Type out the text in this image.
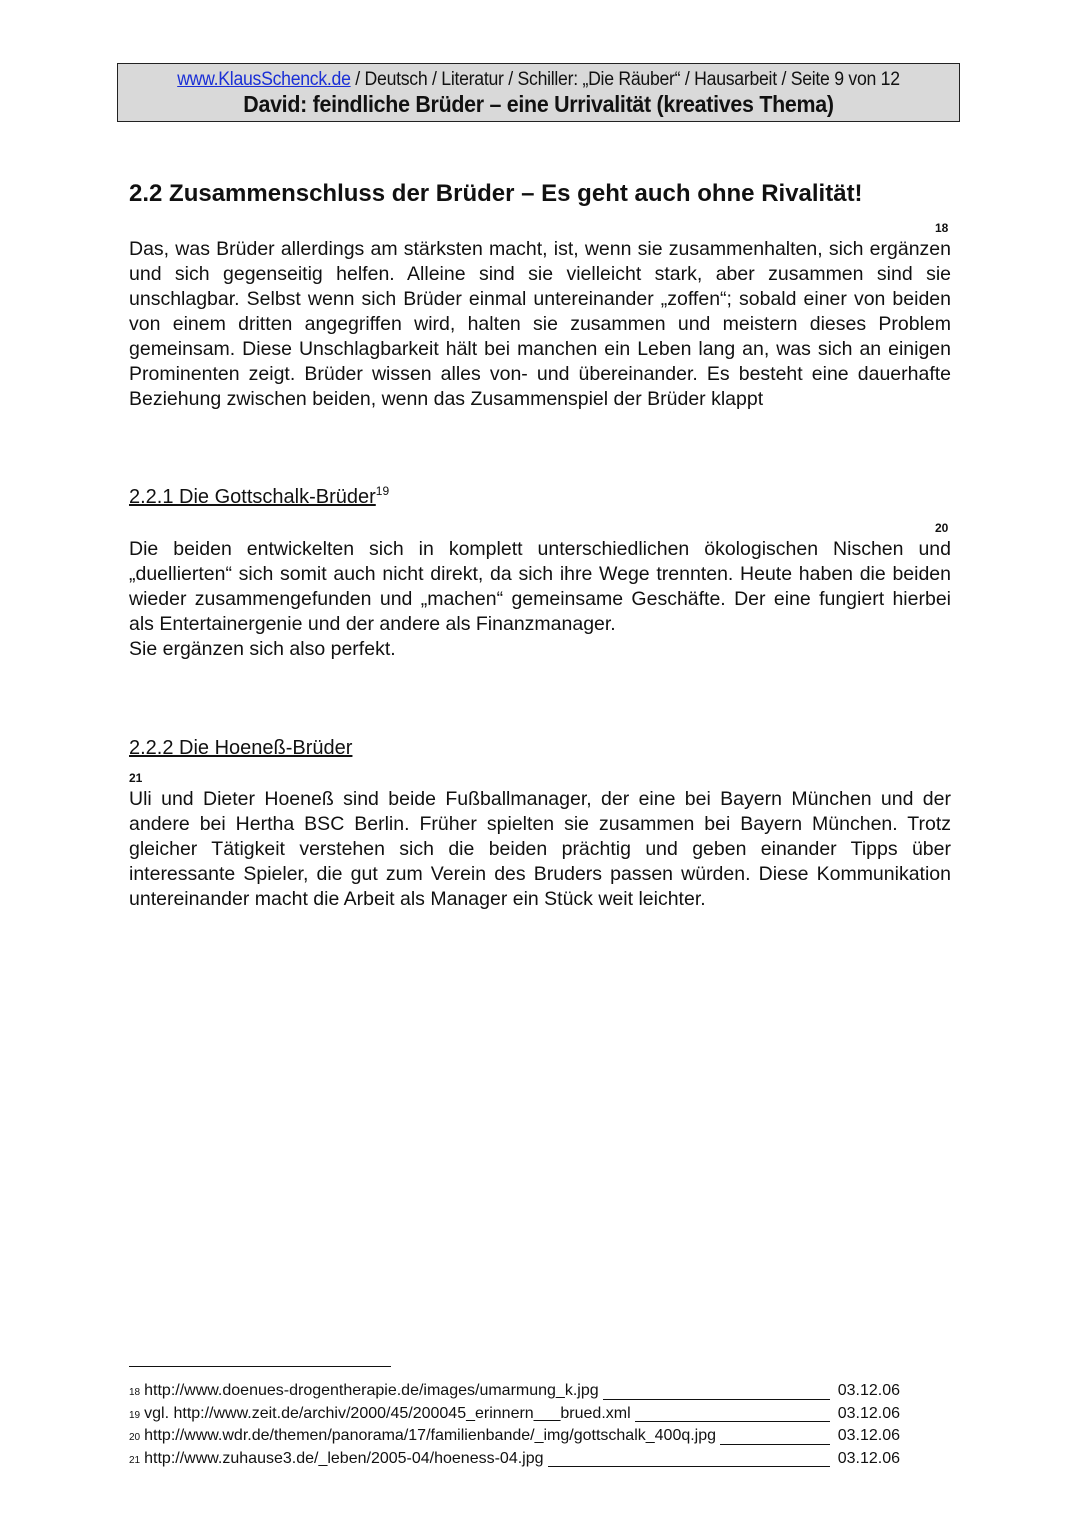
www.KlausSchenck.de / Deutsch / Literatur / Schiller: „Die Räuber“ / Hausarbeit / Seite 9 von 12
David: feindliche Brüder – eine Urrivalität (kreatives Thema)
2.2 Zusammenschluss der Brüder – Es geht auch ohne Rivalität!
18

Das, was Brüder allerdings am stärksten macht, ist, wenn sie zusammenhalten, sich ergänzen und sich gegenseitig helfen. Alleine sind sie vielleicht stark, aber zusammen sind sie unschlagbar. Selbst wenn sich Brüder einmal untereinander „zoffen“; sobald einer von beiden von einem dritten angegriffen wird, halten sie zusammen und meistern dieses Problem gemeinsam. Diese Unschlagbarkeit hält bei manchen ein Leben lang an, was sich an einigen Prominenten zeigt. Brüder wissen alles von- und übereinander. Es besteht eine dauerhafte Beziehung zwischen beiden, wenn das Zusammenspiel der Brüder klappt

2.2.1 Die Gottschalk-Brüder$^{19}$
20

Die beiden entwickelten sich in komplett unterschiedlichen ökologischen Nischen und „duellierten“ sich somit auch nicht direkt, da sich ihre Wege trennten. Heute haben die beiden wieder zusammengefunden und „machen“ gemeinsame Geschäfte. Der eine fungiert hierbei als Entertainergenie und der andere als Finanzmanager.

Sie ergänzen sich also perfekt.

2.2.2 Die Hoeneß-Brüder
21

Uli und Dieter Hoeneß sind beide Fußballmanager, der eine bei Bayern München und der andere bei Hertha BSC Berlin. Früher spielten sie zusammen bei Bayern München. Trotz gleicher Tätigkeit verstehen sich die beiden prächtig und geben einander Tipps über interessante Spieler, die gut zum Verein des Bruders passen würden. Diese Kommunikation untereinander macht die Arbeit als Manager ein Stück weit leichter.

18 http://www.doenues-drogentherapie.de/images/umarmung_k.jpg	03.12.06
19 vgl. http://www.zeit.de/archiv/2000/45/200045_erinnern___brued.xml	03.12.06
20 http://www.wdr.de/themen/panorama/17/familienbande/_img/gottschalk_400q.jpg	03.12.06
21 http://www.zuhause3.de/_leben/2005-04/hoeness-04.jpg	03.12.06
